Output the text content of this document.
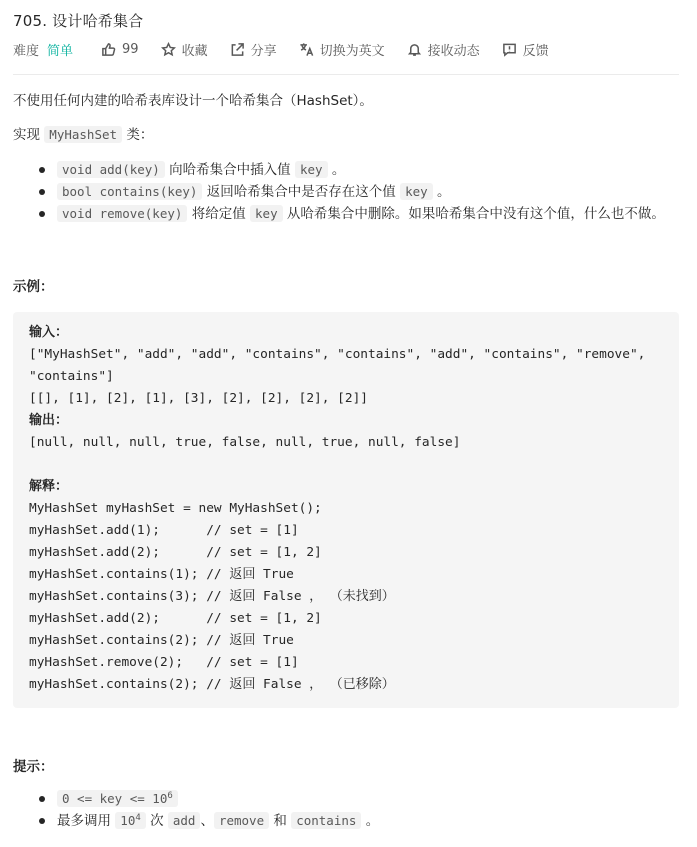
705. 设计哈希集合
难度 简单	99	收藏	分享	切换为英文	接收动态	反馈

不使用任何内建的哈希表库设计一个哈希集合（HashSet）。

实现 MyHashSet 类：

void add(key) 向哈希集合中插入值 key 。
bool contains(key) 返回哈希集合中是否存在这个值 key 。
void remove(key) 将给定值 key 从哈希集合中删除。如果哈希集合中没有这个值，什么也不做。
示例：
输入：
["MyHashSet", "add", "add", "contains", "contains", "add", "contains", "remove",
"contains"]
[[], [1], [2], [1], [3], [2], [2], [2], [2]]
输出：
[null, null, null, true, false, null, true, null, false]

解释：
MyHashSet myHashSet = new MyHashSet();
myHashSet.add(1);      // set = [1]
myHashSet.add(2);      // set = [1, 2]
myHashSet.contains(1); // 返回 True
myHashSet.contains(3); // 返回 False ， （未找到）
myHashSet.add(2);      // set = [1, 2]
myHashSet.contains(2); // 返回 True
myHashSet.remove(2);   // set = [1]
myHashSet.contains(2); // 返回 False ， （已移除）
提示：
0 <= key <= $10^6$
最多调用 $10^4$ 次 add 、 remove 和 contains 。
